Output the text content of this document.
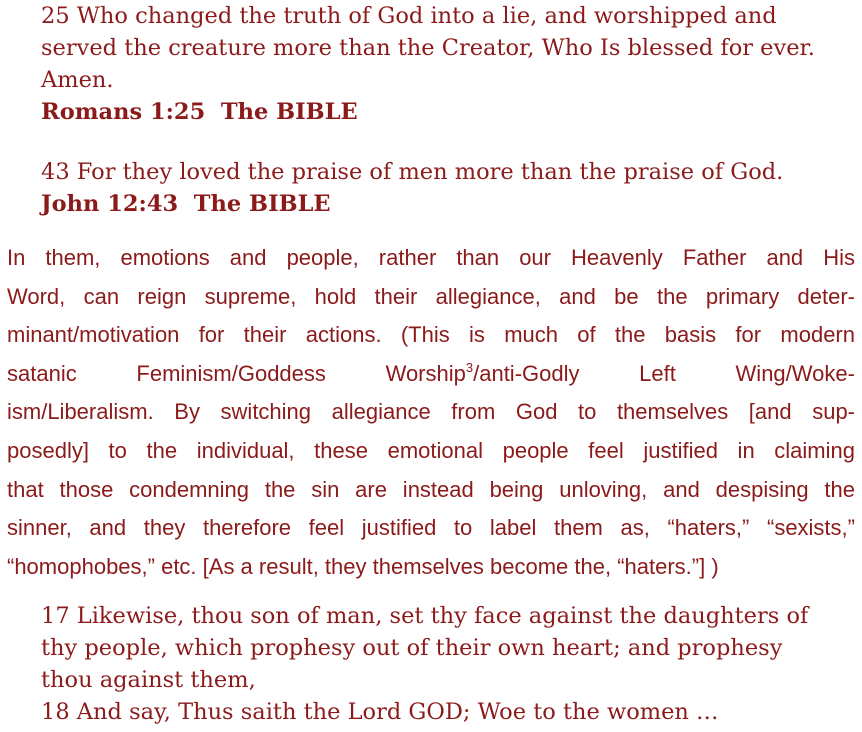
25 Who changed the truth of God into a lie, and worshipped and
served the creature more than the Creator, Who Is blessed for ever.
Amen.
Romans 1:25  The BIBLE
43 For they loved the praise of men more than the praise of God.
John 12:43  The BIBLE
In them, emotions and people, rather than our Heavenly Father and His
Word, can reign supreme, hold their allegiance, and be the primary deter-
minant/motivation for their actions. (This is much of the basis for modern
satanic	Feminism/Goddess	Worship$^3$/anti-Godly	Left	Wing/Woke-
ism/Liberalism. By switching allegiance from God to themselves [and sup-
posedly] to the individual, these emotional people feel justified in claiming
that those condemning the sin are instead being unloving, and despising the
sinner, and they therefore feel justified to label them as, “haters,” “sexists,”
“homophobes,” etc. [As a result, they themselves become the, “haters.”] )
17 Likewise, thou son of man, set thy face against the daughters of
thy people, which prophesy out of their own heart; and prophesy
thou against them,
18 And say, Thus saith the Lord GOD; Woe to the women …
